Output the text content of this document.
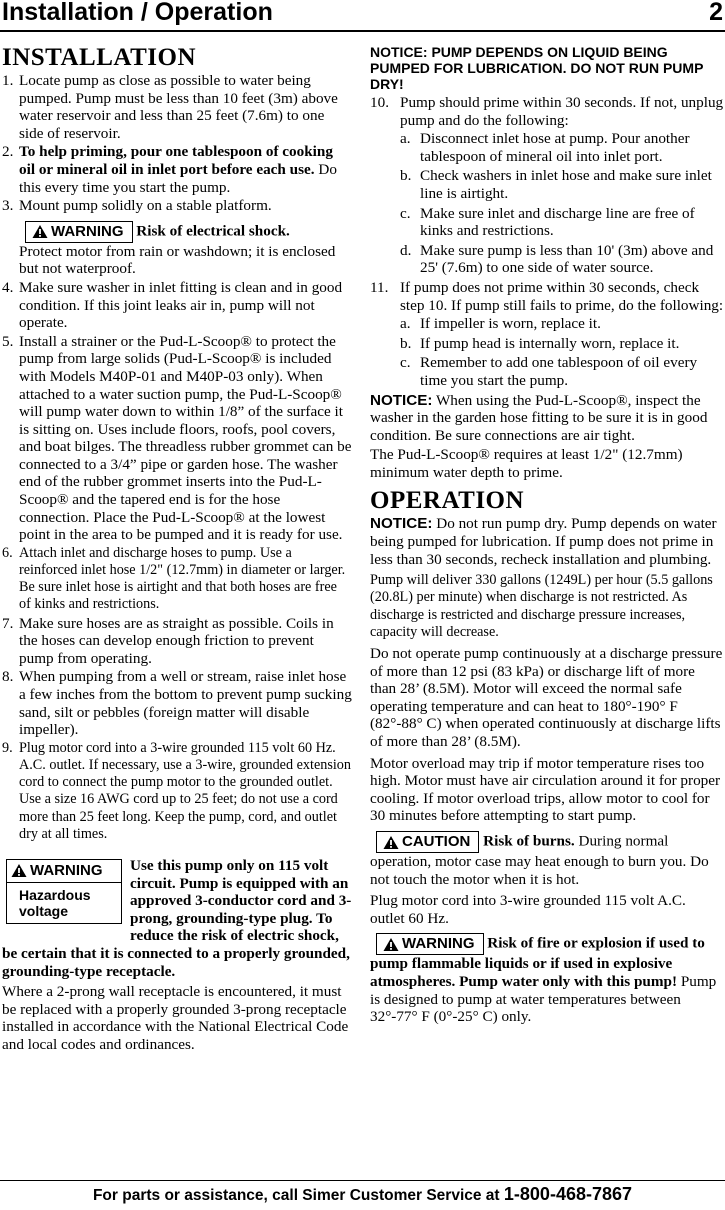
Installation / Operation	2
INSTALLATION
1. Locate pump as close as possible to water being pumped. Pump must be less than 10 feet (3m) above water reservoir and less than 25 feet (7.6m) to one side of reservoir.
2. To help priming, pour one tablespoon of cooking oil or mineral oil in inlet port before each use. Do this every time you start the pump.
3. Mount pump solidly on a stable platform.
WARNING Risk of electrical shock.
Protect motor from rain or washdown; it is enclosed but not waterproof.
4. Make sure washer in inlet fitting is clean and in good condition. If this joint leaks air in, pump will not operate.
5. Install a strainer or the Pud-L-Scoop® to protect the pump from large solids (Pud-L-Scoop® is included with Models M40P-01 and M40P-03 only). When attached to a water suction pump, the Pud-L-Scoop® will pump water down to within 1/8” of the surface it is sitting on. Uses include floors, roofs, pool covers, and boat bilges. The threadless rubber grommet can be connected to a 3/4” pipe or garden hose. The washer end of the rubber grommet inserts into the Pud-L-Scoop® and the tapered end is for the hose connection. Place the Pud-L-Scoop® at the lowest point in the area to be pumped and it is ready for use.
6. Attach inlet and discharge hoses to pump. Use a reinforced inlet hose 1/2" (12.7mm) in diameter or larger. Be sure inlet hose is airtight and that both hoses are free of kinks and restrictions.
7. Make sure hoses are as straight as possible. Coils in the hoses can develop enough friction to prevent pump from operating.
8. When pumping from a well or stream, raise inlet hose a few inches from the bottom to prevent pump sucking sand, silt or pebbles (foreign matter will disable impeller).
9. Plug motor cord into a 3-wire grounded 115 volt 60 Hz. A.C. outlet. If necessary, use a 3-wire, grounded extension cord to connect the pump motor to the grounded outlet. Use a size 16 AWG cord up to 25 feet; do not use a cord more than 25 feet long. Keep the pump, cord, and outlet dry at all times.
WARNING
Hazardous voltage
Use this pump only on 115 volt circuit. Pump is equipped with an approved 3-conductor cord and 3-prong, grounding-type plug. To reduce the risk of electric shock, be certain that it is connected to a properly grounded, grounding-type receptacle.

Where a 2-prong wall receptacle is encountered, it must be replaced with a properly grounded 3-prong receptacle installed in accordance with the National Electrical Code and local codes and ordinances.

NOTICE: PUMP DEPENDS ON LIQUID BEING PUMPED FOR LUBRICATION. DO NOT RUN PUMP DRY!

10. Pump should prime within 30 seconds. If not, unplug pump and do the following:
a. Disconnect inlet hose at pump. Pour another tablespoon of mineral oil into inlet port.
b. Check washers in inlet hose and make sure inlet line is airtight.
c. Make sure inlet and discharge line are free of kinks and restrictions.
d. Make sure pump is less than 10' (3m) above and 25' (7.6m) to one side of water source.
11. If pump does not prime within 30 seconds, check step 10. If pump still fails to prime, do the following:
a. If impeller is worn, replace it.
b. If pump head is internally worn, replace it.
c. Remember to add one tablespoon of oil every time you start the pump.

NOTICE: When using the Pud-L-Scoop®, inspect the washer in the garden hose fitting to be sure it is in good condition. Be sure connections are air tight.

The Pud-L-Scoop® requires at least 1/2" (12.7mm) minimum water depth to prime.

OPERATION

NOTICE: Do not run pump dry. Pump depends on water being pumped for lubrication. If pump does not prime in less than 30 seconds, recheck installation and plumbing.

Pump will deliver 330 gallons (1249L) per hour (5.5 gallons (20.8L) per minute) when discharge is not restricted. As discharge is restricted and discharge pressure increases, capacity will decrease.

Do not operate pump continuously at a discharge pressure of more than 12 psi (83 kPa) or discharge lift of more than 28’ (8.5M). Motor will exceed the normal safe operating temperature and can heat to 180°-190° F (82°-88° C) when operated continuously at discharge lifts of more than 28’ (8.5M).

Motor overload may trip if motor temperature rises too high. Motor must have air circulation around it for proper cooling. If motor overload trips, allow motor to cool for 30 minutes before attempting to start pump.

CAUTION Risk of burns. During normal operation, motor case may heat enough to burn you. Do not touch the motor when it is hot.

Plug motor cord into 3-wire grounded 115 volt A.C. outlet 60 Hz.

WARNING Risk of fire or explosion if used to pump flammable liquids or if used in explosive atmospheres. Pump water only with this pump! Pump is designed to pump at water temperatures between 32°-77° F (0°-25° C) only.
For parts or assistance, call Simer Customer Service at 1-800-468-7867
